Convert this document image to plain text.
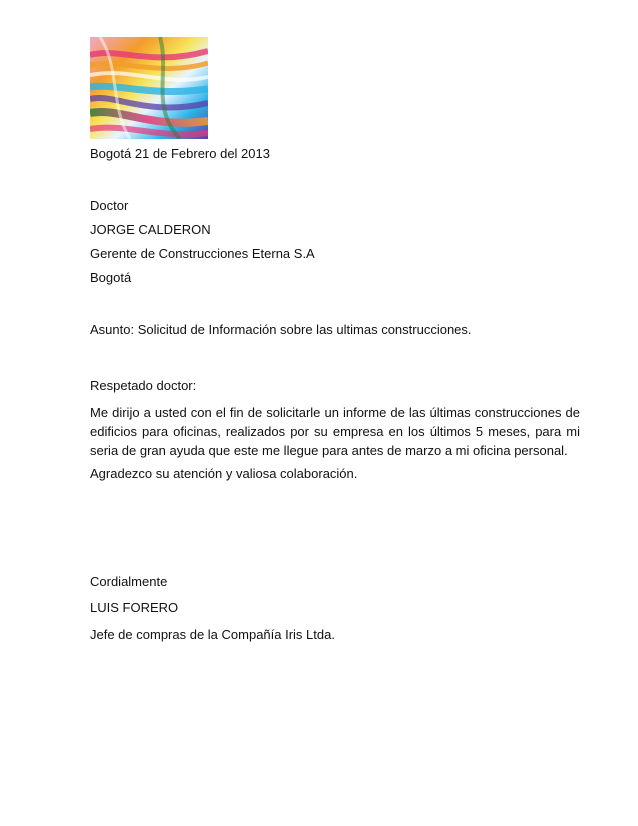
Bogotá 21 de Febrero del 2013
Doctor
JORGE CALDERON
Gerente de Construcciones Eterna S.A
Bogotá
Asunto: Solicitud de Información sobre las ultimas construcciones.
Respetado doctor:
Me dirijo a usted con el fin de solicitarle un informe de las últimas construcciones de edificios para oficinas, realizados por su empresa en los últimos 5 meses, para mi seria de gran ayuda que este me llegue para antes de marzo a mi oficina personal.
Agradezco su atención y valiosa colaboración.
Cordialmente
LUIS FORERO
Jefe de compras de la Compañía Iris Ltda.
